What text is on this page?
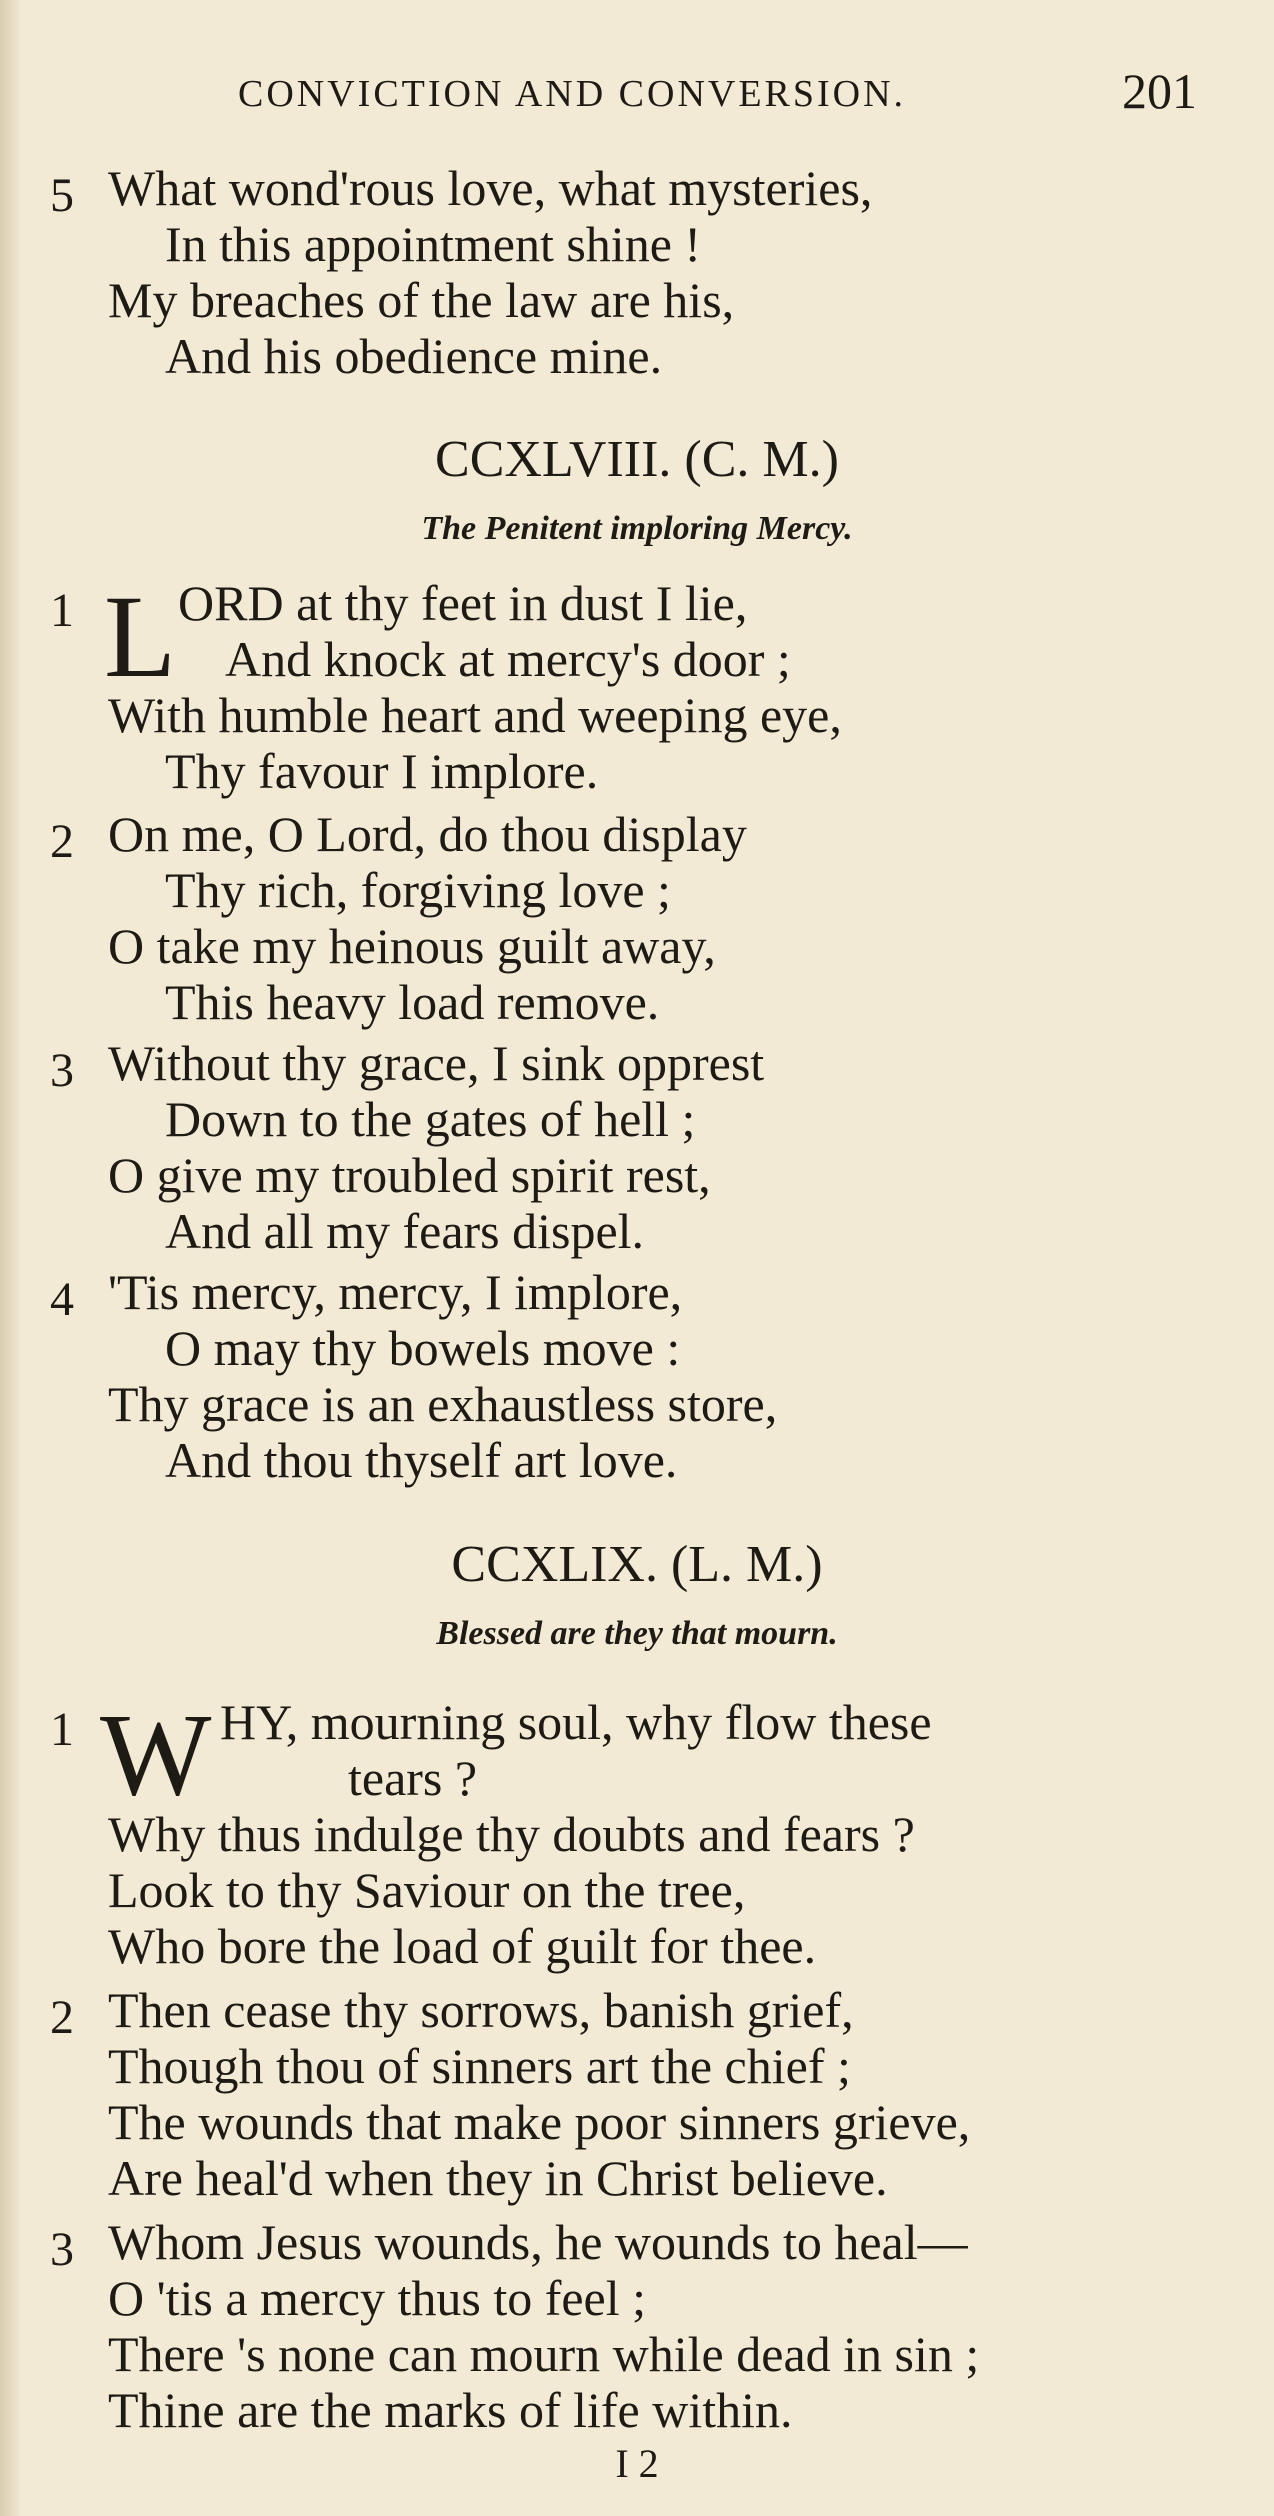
CONVICTION AND CONVERSION.	201
5 What wond'rous love, what mysteries,
In this appointment shine !
My breaches of the law are his,
And his obedience mine.
CCXLVIII. (C. M.)
The Penitent imploring Mercy.
1 L ORD at thy feet in dust I lie,
And knock at mercy's door ;
With humble heart and weeping eye,
Thy favour I implore.
2 On me, O Lord, do thou display
Thy rich, forgiving love ;
O take my heinous guilt away,
This heavy load remove.
3 Without thy grace, I sink opprest
Down to the gates of hell ;
O give my troubled spirit rest,
And all my fears dispel.
4 'Tis mercy, mercy, I implore,
O may thy bowels move :
Thy grace is an exhaustless store,
And thou thyself art love.
CCXLIX. (L. M.)
Blessed are they that mourn.
1 W HY, mourning soul, why flow these
tears ?
Why thus indulge thy doubts and fears ?
Look to thy Saviour on the tree,
Who bore the load of guilt for thee.
2 Then cease thy sorrows, banish grief,
Though thou of sinners art the chief ;
The wounds that make poor sinners grieve,
Are heal'd when they in Christ believe.
3 Whom Jesus wounds, he wounds to heal—
O 'tis a mercy thus to feel ;
There 's none can mourn while dead in sin ;
Thine are the marks of life within.
I 2
